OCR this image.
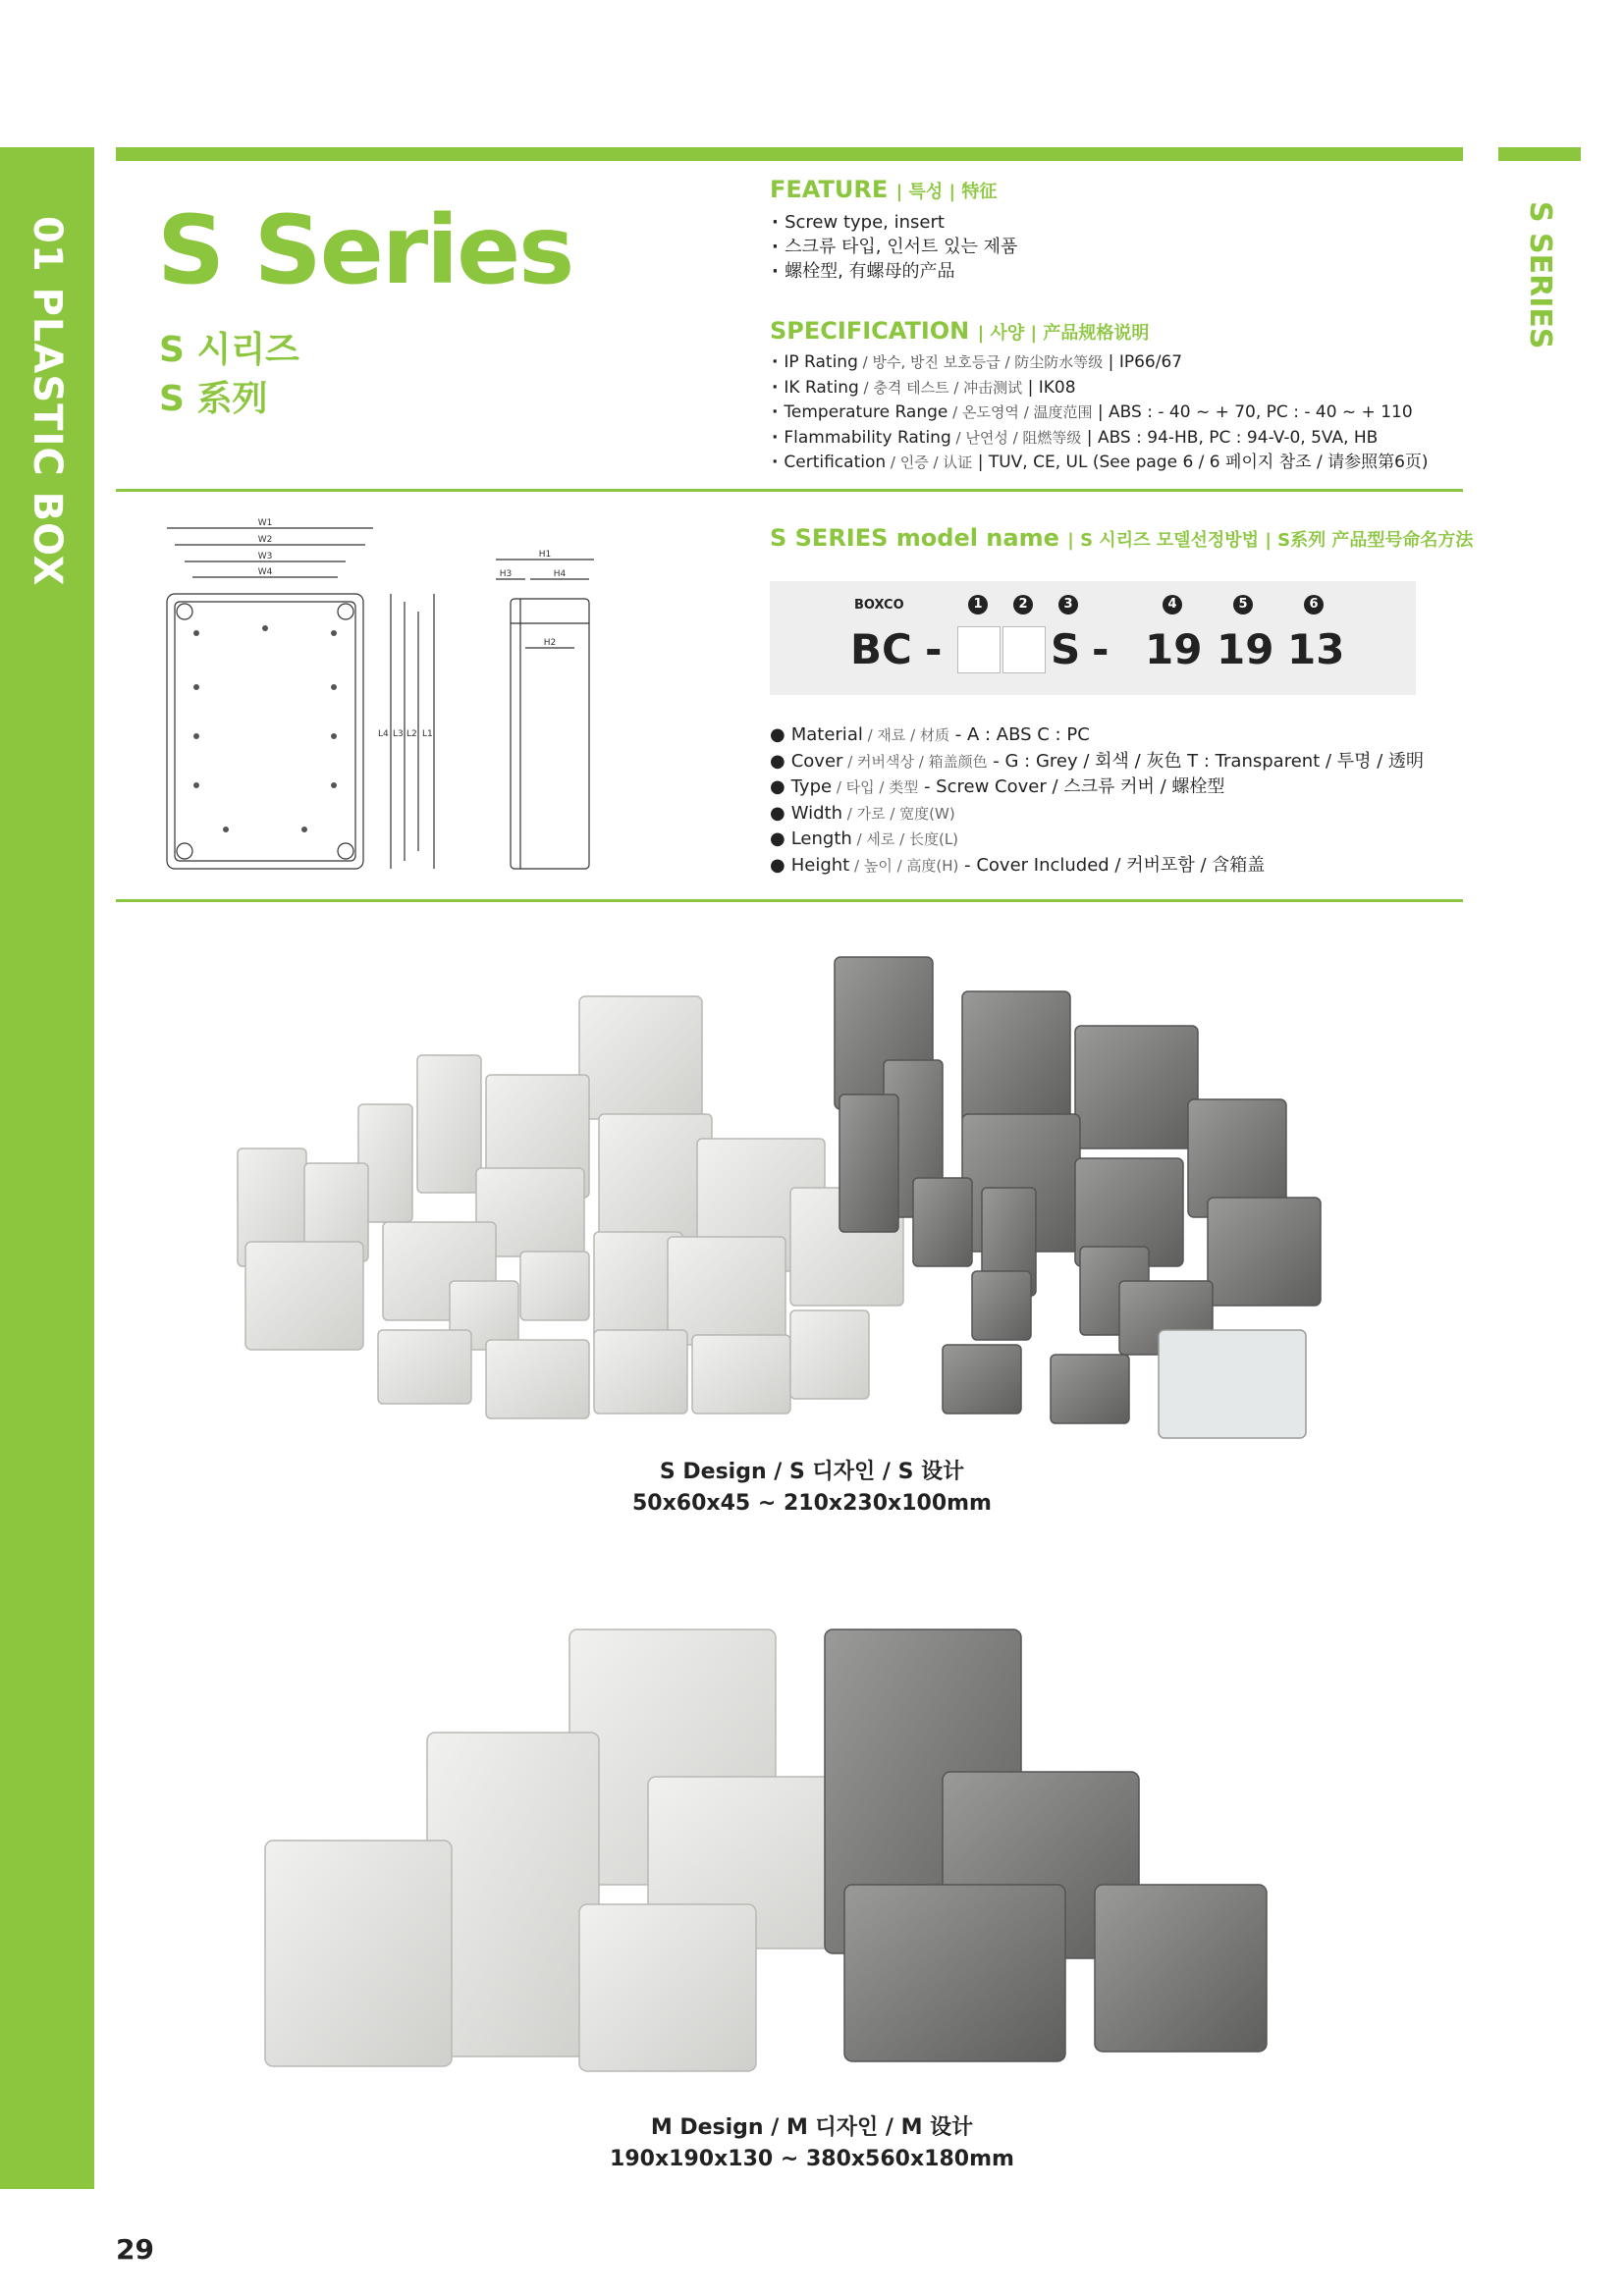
01 PLASTIC BOX	S SERIES
S Series
S 시리즈
S 系列
FEATURE | 특성 | 特征
· Screw type, insert
· 스크류 타입, 인서트 있는 제품
· 螺栓型, 有螺母的产品
SPECIFICATION | 사양 | 产品规格说明
· IP Rating / 방수, 방진 보호등급 / 防尘防水等级 | IP66/67
· IK Rating / 충격 테스트 / 冲击测试 | IK08
· Temperature Range / 온도영역 / 温度范围 | ABS : - 40 ~ + 70, PC : - 40 ~ + 110
· Flammability Rating / 난연성 / 阻燃等级 | ABS : 94-HB, PC : 94-V-0, 5VA, HB
· Certification / 인증 / 认证 | TUV, CE, UL (See page 6 / 6 페이지 참조 / 请参照第6页)
W1
W2
W3
W4
L4 L3 L2 L1
H1
H3	H4
H2
S SERIES model name | S 시리즈 모델선정방법 | S系列 产品型号命名方法
BOXCO	1	2	3	4	5	6
BC -	S - 19 19 13
● Material / 재료 / 材质 - A : ABS C : PC
● Cover / 커버색상 / 箱盖颜色 - G : Grey / 회색 / 灰色 T : Transparent / 투명 / 透明
● Type / 타입 / 类型 - Screw Cover / 스크류 커버 / 螺栓型
● Width / 가로 / 宽度(W)
● Length / 세로 / 长度(L)
● Height / 높이 / 高度(H) - Cover Included / 커버포함 / 含箱盖
S Design / S 디자인 / S 设计
50x60x45 ~ 210x230x100mm
M Design / M 디자인 / M 设计
190x190x130 ~ 380x560x180mm
29
